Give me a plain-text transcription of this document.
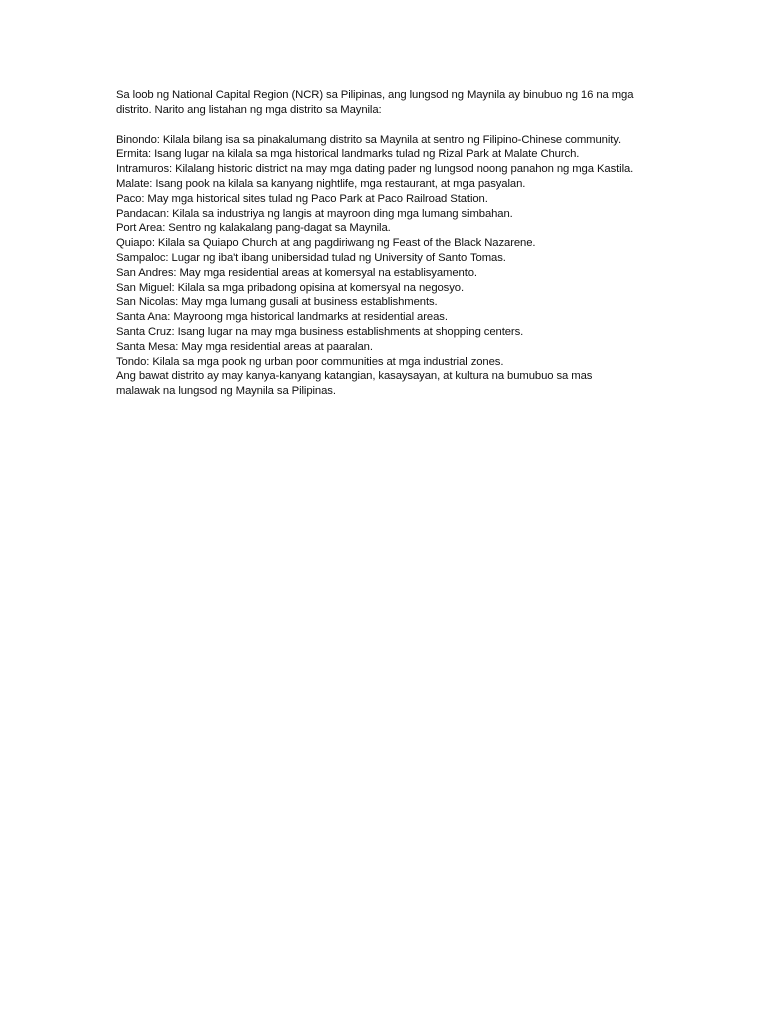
Sa loob ng National Capital Region (NCR) sa Pilipinas, ang lungsod ng Maynila ay binubuo ng 16 na mga distrito. Narito ang listahan ng mga distrito sa Maynila:

Binondo: Kilala bilang isa sa pinakalumang distrito sa Maynila at sentro ng Filipino-Chinese community.
Ermita: Isang lugar na kilala sa mga historical landmarks tulad ng Rizal Park at Malate Church.
Intramuros: Kilalang historic district na may mga dating pader ng lungsod noong panahon ng mga Kastila.
Malate: Isang pook na kilala sa kanyang nightlife, mga restaurant, at mga pasyalan.
Paco: May mga historical sites tulad ng Paco Park at Paco Railroad Station.
Pandacan: Kilala sa industriya ng langis at mayroon ding mga lumang simbahan.
Port Area: Sentro ng kalakalang pang-dagat sa Maynila.
Quiapo: Kilala sa Quiapo Church at ang pagdiriwang ng Feast of the Black Nazarene.
Sampaloc: Lugar ng iba't ibang unibersidad tulad ng University of Santo Tomas.
San Andres: May mga residential areas at komersyal na establisyamento.
San Miguel: Kilala sa mga pribadong opisina at komersyal na negosyo.
San Nicolas: May mga lumang gusali at business establishments.
Santa Ana: Mayroong mga historical landmarks at residential areas.
Santa Cruz: Isang lugar na may mga business establishments at shopping centers.
Santa Mesa: May mga residential areas at paaralan.
Tondo: Kilala sa mga pook ng urban poor communities at mga industrial zones.

Ang bawat distrito ay may kanya-kanyang katangian, kasaysayan, at kultura na bumubuo sa mas malawak na lungsod ng Maynila sa Pilipinas.
